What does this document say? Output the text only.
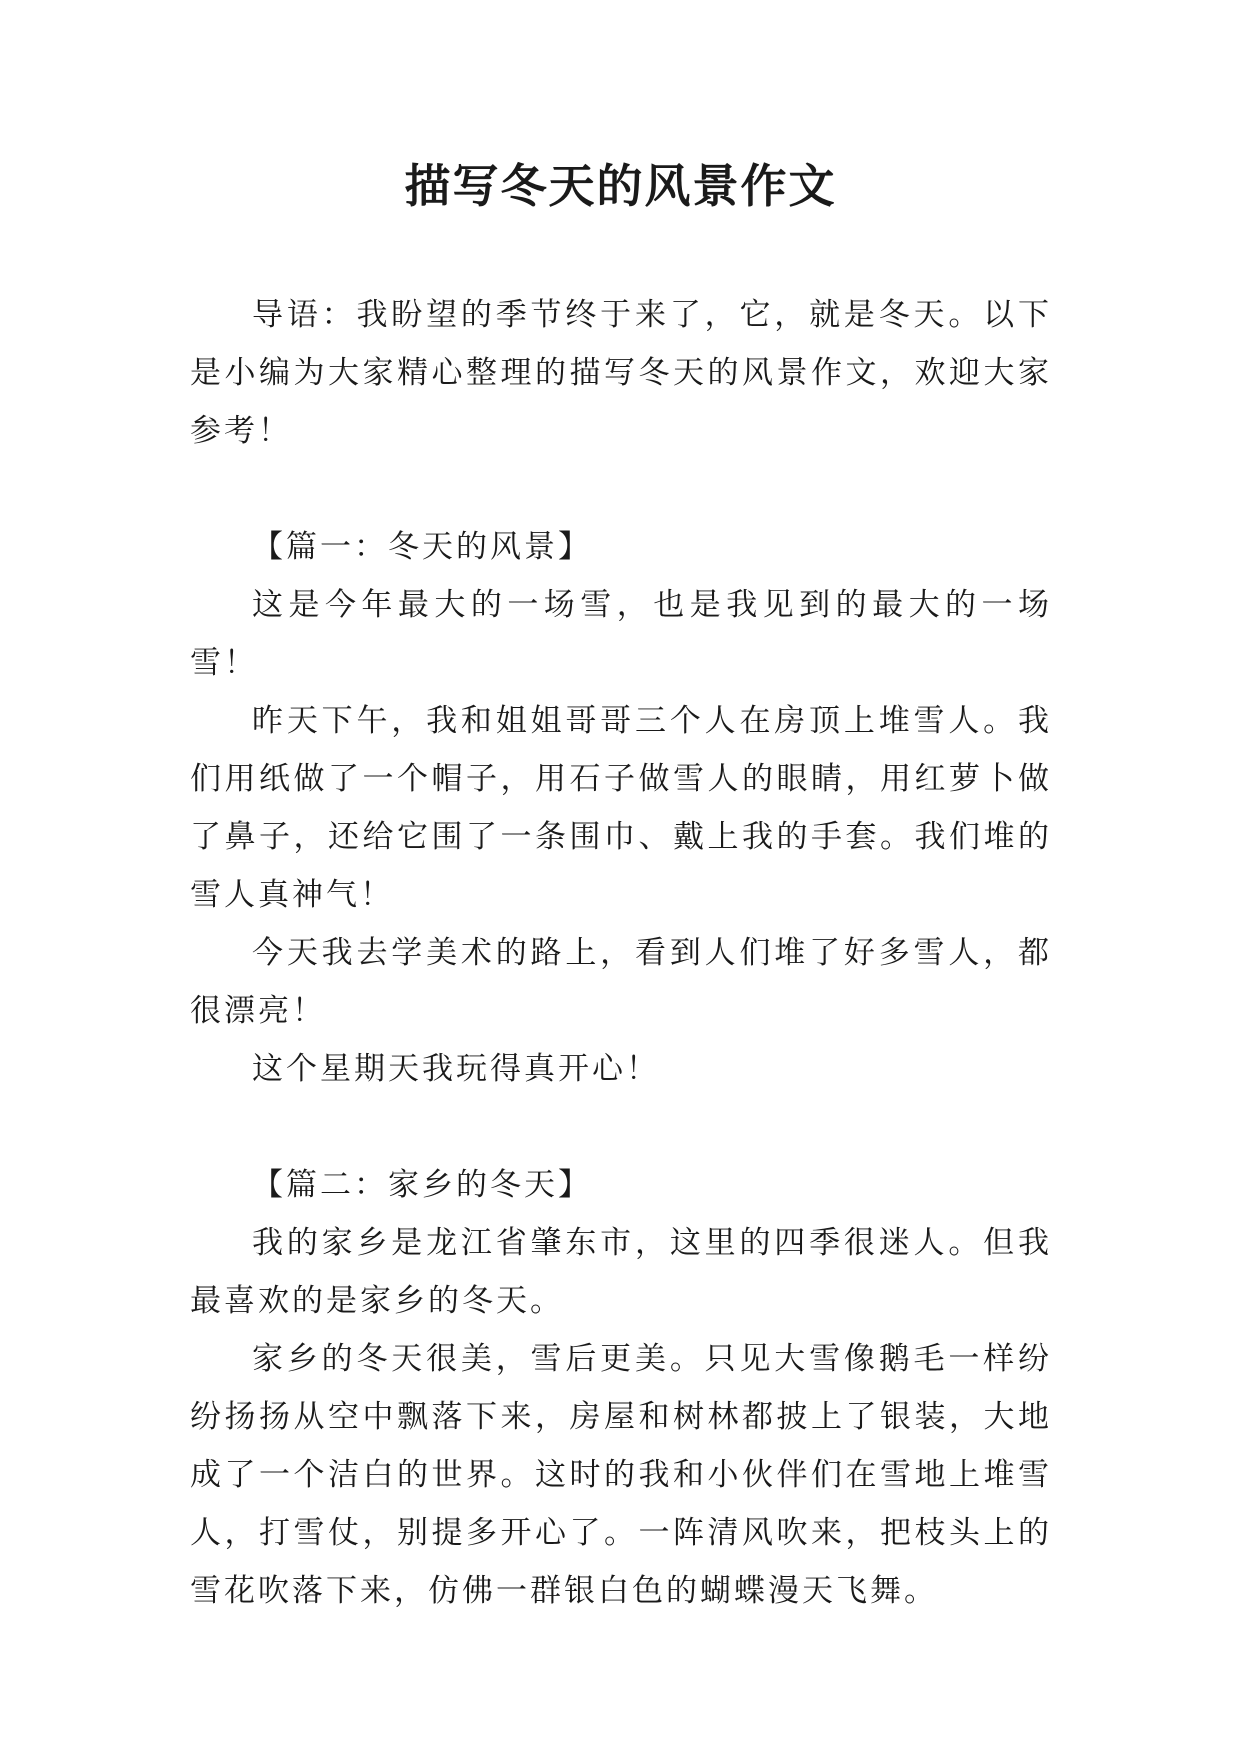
描写冬天的风景作文

导语：我盼望的季节终于来了，它，就是冬天。以下是小编为大家精心整理的描写冬天的风景作文，欢迎大家参考！

【篇一：冬天的风景】

这是今年最大的一场雪，也是我见到的最大的一场雪！

昨天下午，我和姐姐哥哥三个人在房顶上堆雪人。我们用纸做了一个帽子，用石子做雪人的眼睛，用红萝卜做了鼻子，还给它围了一条围巾、戴上我的手套。我们堆的雪人真神气！

今天我去学美术的路上，看到人们堆了好多雪人，都很漂亮！

这个星期天我玩得真开心！

【篇二：家乡的冬天】

我的家乡是龙江省肇东市，这里的四季很迷人。但我最喜欢的是家乡的冬天。

家乡的冬天很美，雪后更美。只见大雪像鹅毛一样纷纷扬扬从空中飘落下来，房屋和树林都披上了银装，大地成了一个洁白的世界。这时的我和小伙伴们在雪地上堆雪人，打雪仗，别提多开心了。一阵清风吹来，把枝头上的雪花吹落下来，仿佛一群银白色的蝴蝶漫天飞舞。
